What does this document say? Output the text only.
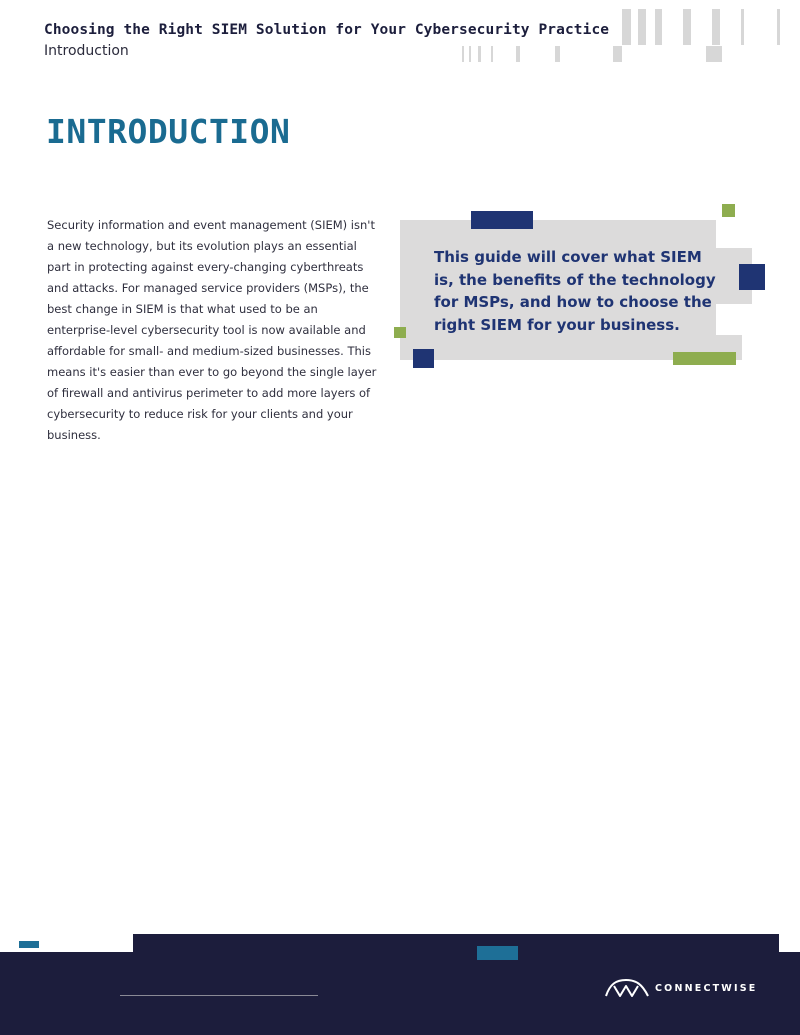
Choosing the Right SIEM Solution for Your Cybersecurity Practice
Introduction
INTRODUCTION

Security information and event management (SIEM) isn't a new technology, but its evolution plays an essential part in protecting against every-changing cyberthreats and attacks. For managed service providers (MSPs), the best change in SIEM is that what used to be an enterprise-level cybersecurity tool is now available and affordable for small- and medium-sized businesses. This means it's easier than ever to go beyond the single layer of firewall and antivirus perimeter to add more layers of cybersecurity to reduce risk for your clients and your business.

This guide will cover what SIEM is, the benefits of the technology for MSPs, and how to choose the right SIEM for your business.

CONNECTWISE
